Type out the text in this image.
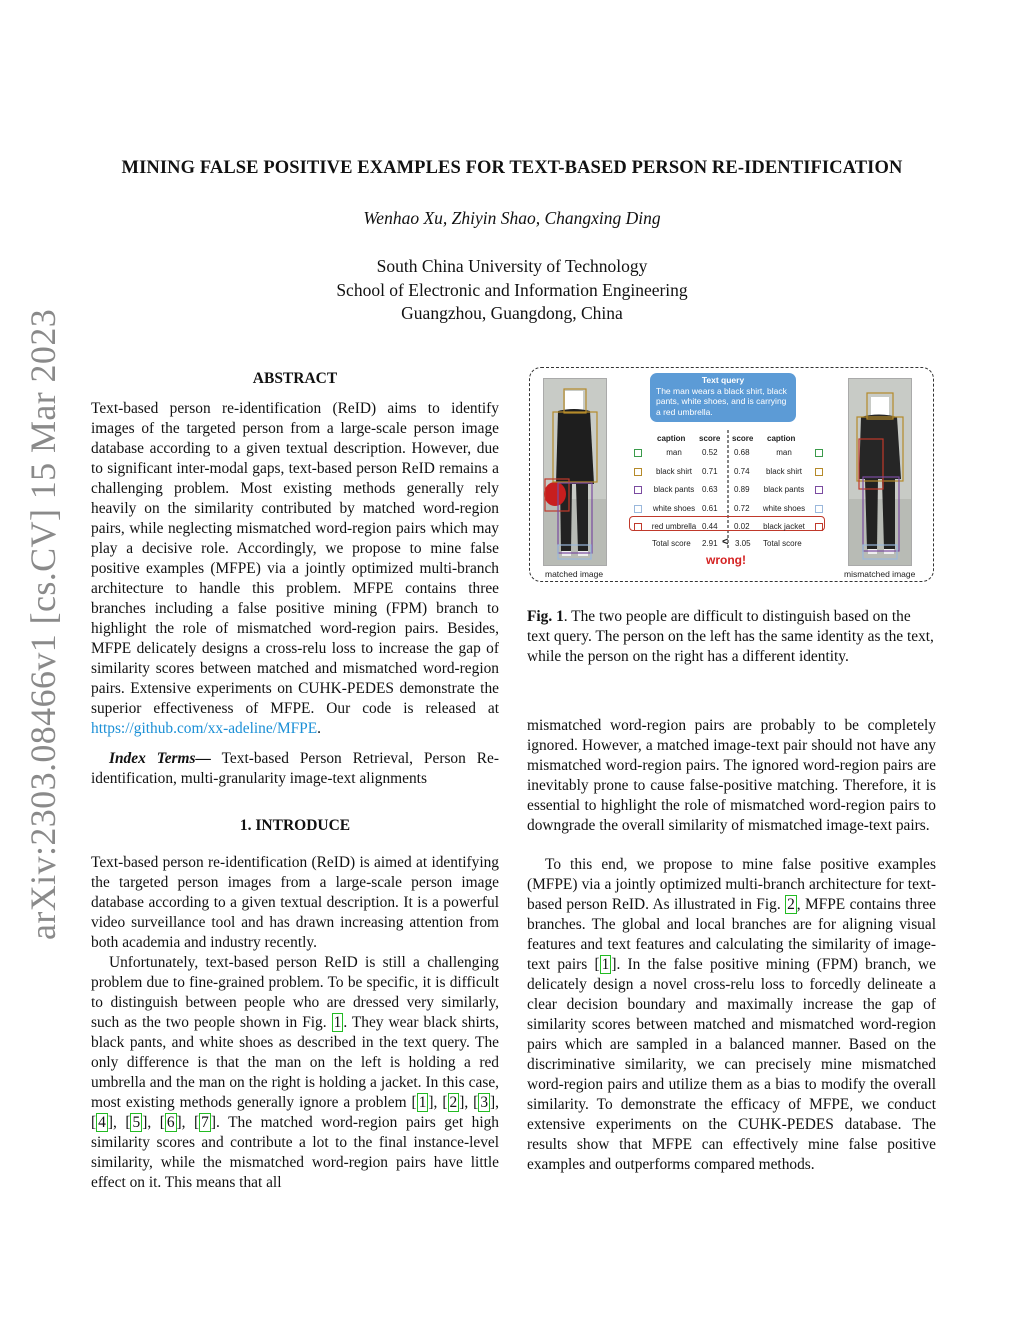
arXiv:2303.08466v1 [cs.CV] 15 Mar 2023
MINING FALSE POSITIVE EXAMPLES FOR TEXT-BASED PERSON RE-IDENTIFICATION
Wenhao Xu, Zhiyin Shao, Changxing Ding
South China University of Technology
School of Electronic and Information Engineering
Guangzhou, Guangdong, China
ABSTRACT

Text-based person re-identification (ReID) aims to identify images of the targeted person from a large-scale person image database according to a given textual description. However, due to significant inter-modal gaps, text-based person ReID remains a challenging problem. Most existing methods generally rely heavily on the similarity contributed by matched word-region pairs, while neglecting mismatched word-region pairs which may play a decisive role. Accordingly, we propose to mine false positive examples (MFPE) via a jointly optimized multi-branch architecture to handle this problem. MFPE contains three branches including a false positive mining (FPM) branch to highlight the role of mismatched word-region pairs. Besides, MFPE delicately designs a cross-relu loss to increase the gap of similarity scores between matched and mismatched word-region pairs. Extensive experiments on CUHK-PEDES demonstrate the superior effectiveness of MFPE. Our code is released at https://github.com/xx-adeline/MFPE.

Index Terms— Text-based Person Retrieval, Person Re-identification, multi-granularity image-text alignments

1. INTRODUCE

Text-based person re-identification (ReID) is aimed at identifying the targeted person images from a large-scale person image database according to a given textual description. It is a powerful video surveillance tool and has drawn increasing attention from both academia and industry recently.

Unfortunately, text-based person ReID is still a challenging problem due to fine-grained problem. To be specific, it is difficult to distinguish between people who are dressed very similarly, such as the two people shown in Fig. 1 . They wear black shirts, black pants, and white shoes as described in the text query. The only difference is that the man on the left is holding a red umbrella and the man on the right is holding a jacket. In this case, most existing methods generally ignore a problem [ 1 ], [ 2 ], [ 3 ], [ 4 ], [ 5 ], [ 6 ], [ 7 ]. The matched word-region pairs get high similarity scores and contribute a lot to the final instance-level similarity, while the mismatched word-region pairs have little effect on it. This means that all

matched image	mismatched image
Text query
The man wears a black shirt, black pants, white shoes, and is carrying a red umbrella.
caption score score caption
man	0.52 0.68	man
black shirt	0.71 0.74	black shirt
black pants 0.63 0.89	black pants
white shoes 0.61 0.72	white shoes
red umbrella 0.44 0.02	black jacket
Total score 2.91 < 3.05 Total score
wrong!
Fig. 1. The two people are difficult to distinguish based on the text query. The person on the left has the same identity as the text, while the person on the right has a different identity.

mismatched word-region pairs are probably to be completely ignored. However, a matched image-text pair should not have any mismatched word-region pairs. The ignored word-region pairs are inevitably prone to cause false-positive matching. Therefore, it is essential to highlight the role of mismatched word-region pairs to downgrade the overall similarity of mismatched image-text pairs.

To this end, we propose to mine false positive examples (MFPE) via a jointly optimized multi-branch architecture for text-based person ReID. As illustrated in Fig. 2 , MFPE contains three branches. The global and local branches are for aligning visual features and text features and calculating the similarity of image-text pairs [ 1 ]. In the false positive mining (FPM) branch, we delicately design a novel cross-relu loss to forcedly delineate a clear decision boundary and maximally increase the gap of similarity scores between matched and mismatched word-region pairs which are sampled in a balanced manner. Based on the discriminative similarity, we can precisely mine mismatched word-region pairs and utilize them as a bias to modify the overall similarity. To demonstrate the efficacy of MFPE, we conduct extensive experiments on the CUHK-PEDES database. The results show that MFPE can effectively mine false positive examples and outperforms compared methods.
